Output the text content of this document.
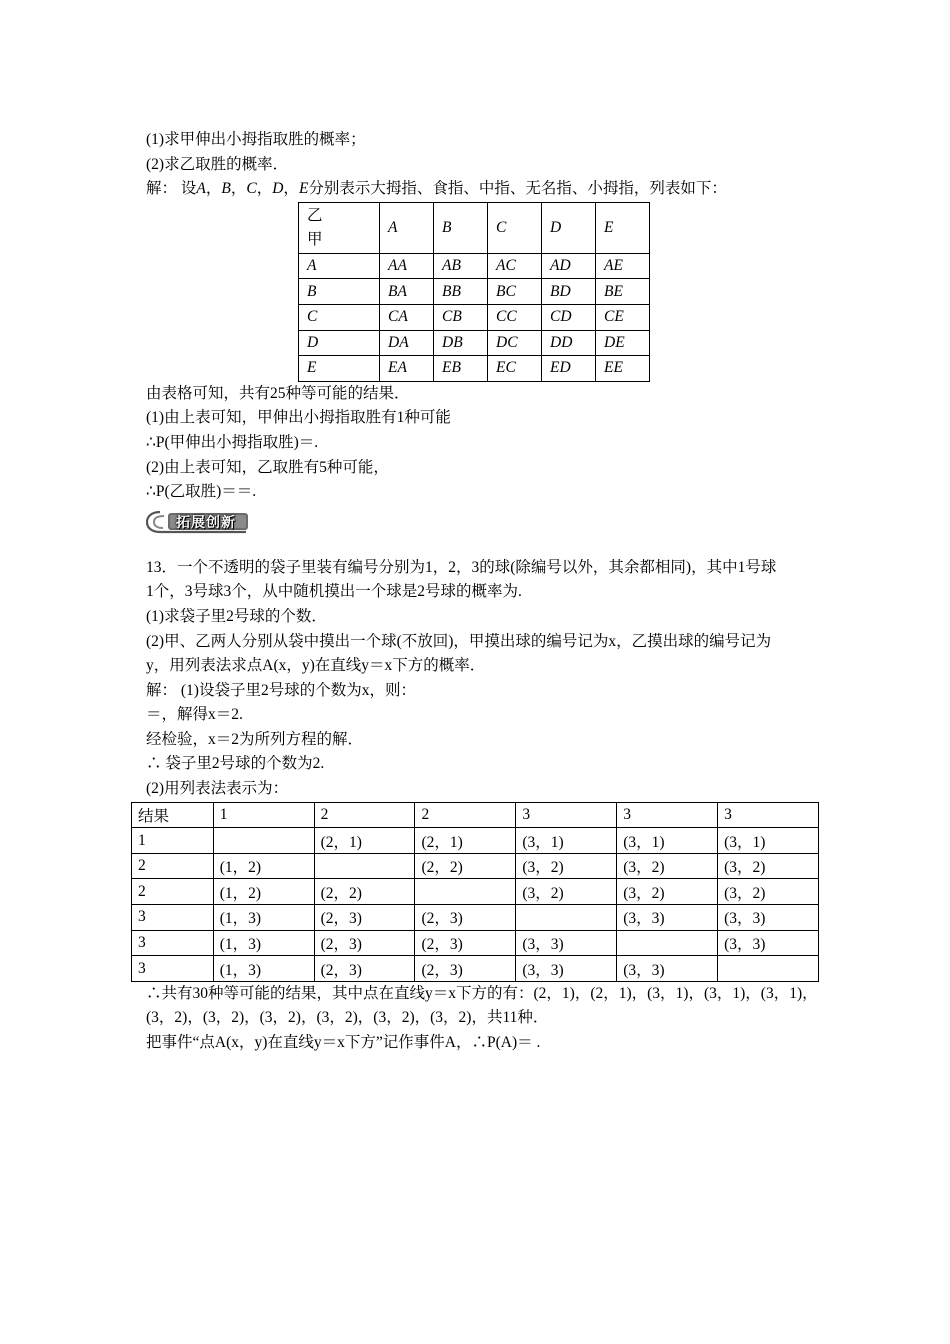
(1)求甲伸出小拇指取胜的概率；
(2)求乙取胜的概率．
解： 设A，B，C，D，E分别表示大拇指、食指、中指、无名指、小拇指，列表如下：
乙
甲	A	B	C	D	E
A	AA	AB	AC	AD	AE
B	BA	BB	BC	BD	BE
C	CA	CB	CC	CD	CE
D	DA	DB	DC	DD	DE
E	EA	EB	EC	ED	EE
由表格可知，共有25种等可能的结果．
(1)由上表可知，甲伸出小拇指取胜有1种可能
∴P(甲伸出小拇指取胜)＝.
(2)由上表可知，乙取胜有5种可能，
∴P(乙取胜)＝＝.
拓展创新
13．一个不透明的袋子里装有编号分别为1，2，3的球(除编号以外，其余都相同)，其中1号球
1个，3号球3个，从中随机摸出一个球是2号球的概率为.
(1)求袋子里2号球的个数．
(2)甲、乙两人分别从袋中摸出一个球(不放回)，甲摸出球的编号记为x，乙摸出球的编号记为
y，用列表法求点A(x，y)在直线y＝x下方的概率．
解： (1)设袋子里2号球的个数为x，则：
＝，解得x＝2.
经检验，x＝2为所列方程的解．
∴ 袋子里2号球的个数为2.
(2)用列表法表示为：
结果	1	2	2	3	3	3
1		(2，1)	(2，1)	(3，1)	(3，1)	(3，1)
2	(1，2)		(2，2)	(3，2)	(3，2)	(3，2)
2	(1，2)	(2，2)		(3，2)	(3，2)	(3，2)
3	(1，3)	(2，3)	(2，3)		(3，3)	(3，3)
3	(1，3)	(2，3)	(2，3)	(3，3)		(3，3)
3	(1，3)	(2，3)	(2，3)	(3，3)	(3，3)	
∴共有30种等可能的结果，其中点在直线y＝x下方的有：(2，1)，(2，1)，(3，1)，(3，1)，(3，1)，
(3，2)，(3，2)，(3，2)，(3，2)，(3，2)，(3，2)，共11种．
把事件“点A(x，y)在直线y＝x下方”记作事件A，∴P(A)＝ .
